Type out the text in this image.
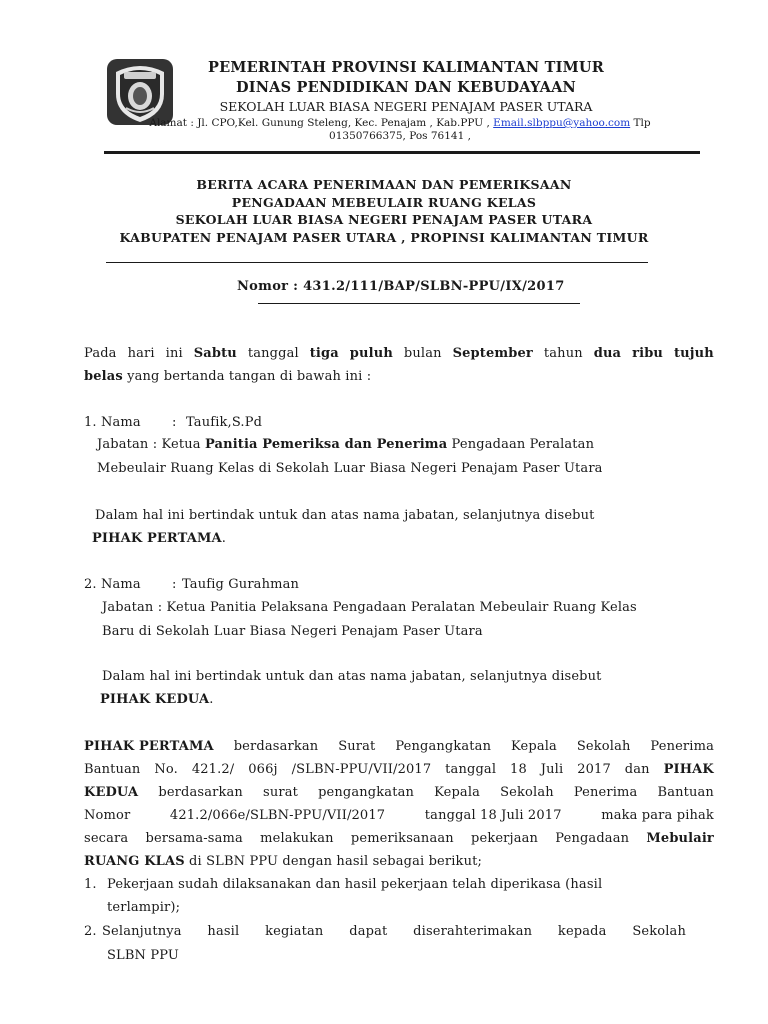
PEMERINTAH PROVINSI KALIMANTAN TIMUR
DINAS PENDIDIKAN DAN KEBUDAYAAN
SEKOLAH LUAR BIASA NEGERI PENAJAM PASER UTARA
Alamat : Jl. CPO,Kel. Gunung Steleng, Kec. Penajam , Kab.PPU , Email.slbppu@yahoo.com Tlp
01350766375, Pos 76141 ,
BERITA ACARA PENERIMAAN DAN PEMERIKSAAN
PENGADAAN MEBEULAIR RUANG KELAS
SEKOLAH LUAR BIASA NEGERI PENAJAM PASER UTARA
KABUPATEN PENAJAM PASER UTARA , PROPINSI KALIMANTAN TIMUR
Nomor : 431.2/111/BAP/SLBN-PPU/IX/2017
Pada hari ini Sabtu tanggal tiga puluh bulan September tahun dua ribu tujuh
belas yang bertanda tangan di bawah ini :
1. Nama : Taufik,S.Pd
Jabatan : Ketua Panitia Pemeriksa dan Penerima Pengadaan Peralatan
Mebeulair Ruang Kelas di Sekolah Luar Biasa Negeri Penajam Paser Utara
Dalam hal ini bertindak untuk dan atas nama jabatan, selanjutnya disebut
PIHAK PERTAMA.
2. Nama : Taufig Gurahman
Jabatan : Ketua Panitia Pelaksana Pengadaan Peralatan Mebeulair Ruang Kelas
Baru di Sekolah Luar Biasa Negeri Penajam Paser Utara
Dalam hal ini bertindak untuk dan atas nama jabatan, selanjutnya disebut
PIHAK KEDUA.
PIHAK PERTAMA berdasarkan Surat Pengangkatan Kepala Sekolah Penerima
Bantuan No. 421.2/ 066j /SLBN-PPU/VII/2017 tanggal 18 Juli 2017 dan PIHAK
KEDUA berdasarkan surat pengangkatan Kepala Sekolah Penerima Bantuan
Nomor	421.2/066e/SLBN-PPU/VII/2017	tanggal 18 Juli 2017	maka para pihak
secara bersama-sama melakukan pemeriksanaan pekerjaan Pengadaan Mebulair
RUANG KLAS di SLBN PPU dengan hasil sebagai berikut;
1. Pekerjaan sudah dilaksanakan dan hasil pekerjaan telah diperikasa (hasil
terlampir);
2. Selanjutnya hasil kegiatan dapat diserahterimakan kepada Sekolah
SLBN PPU
